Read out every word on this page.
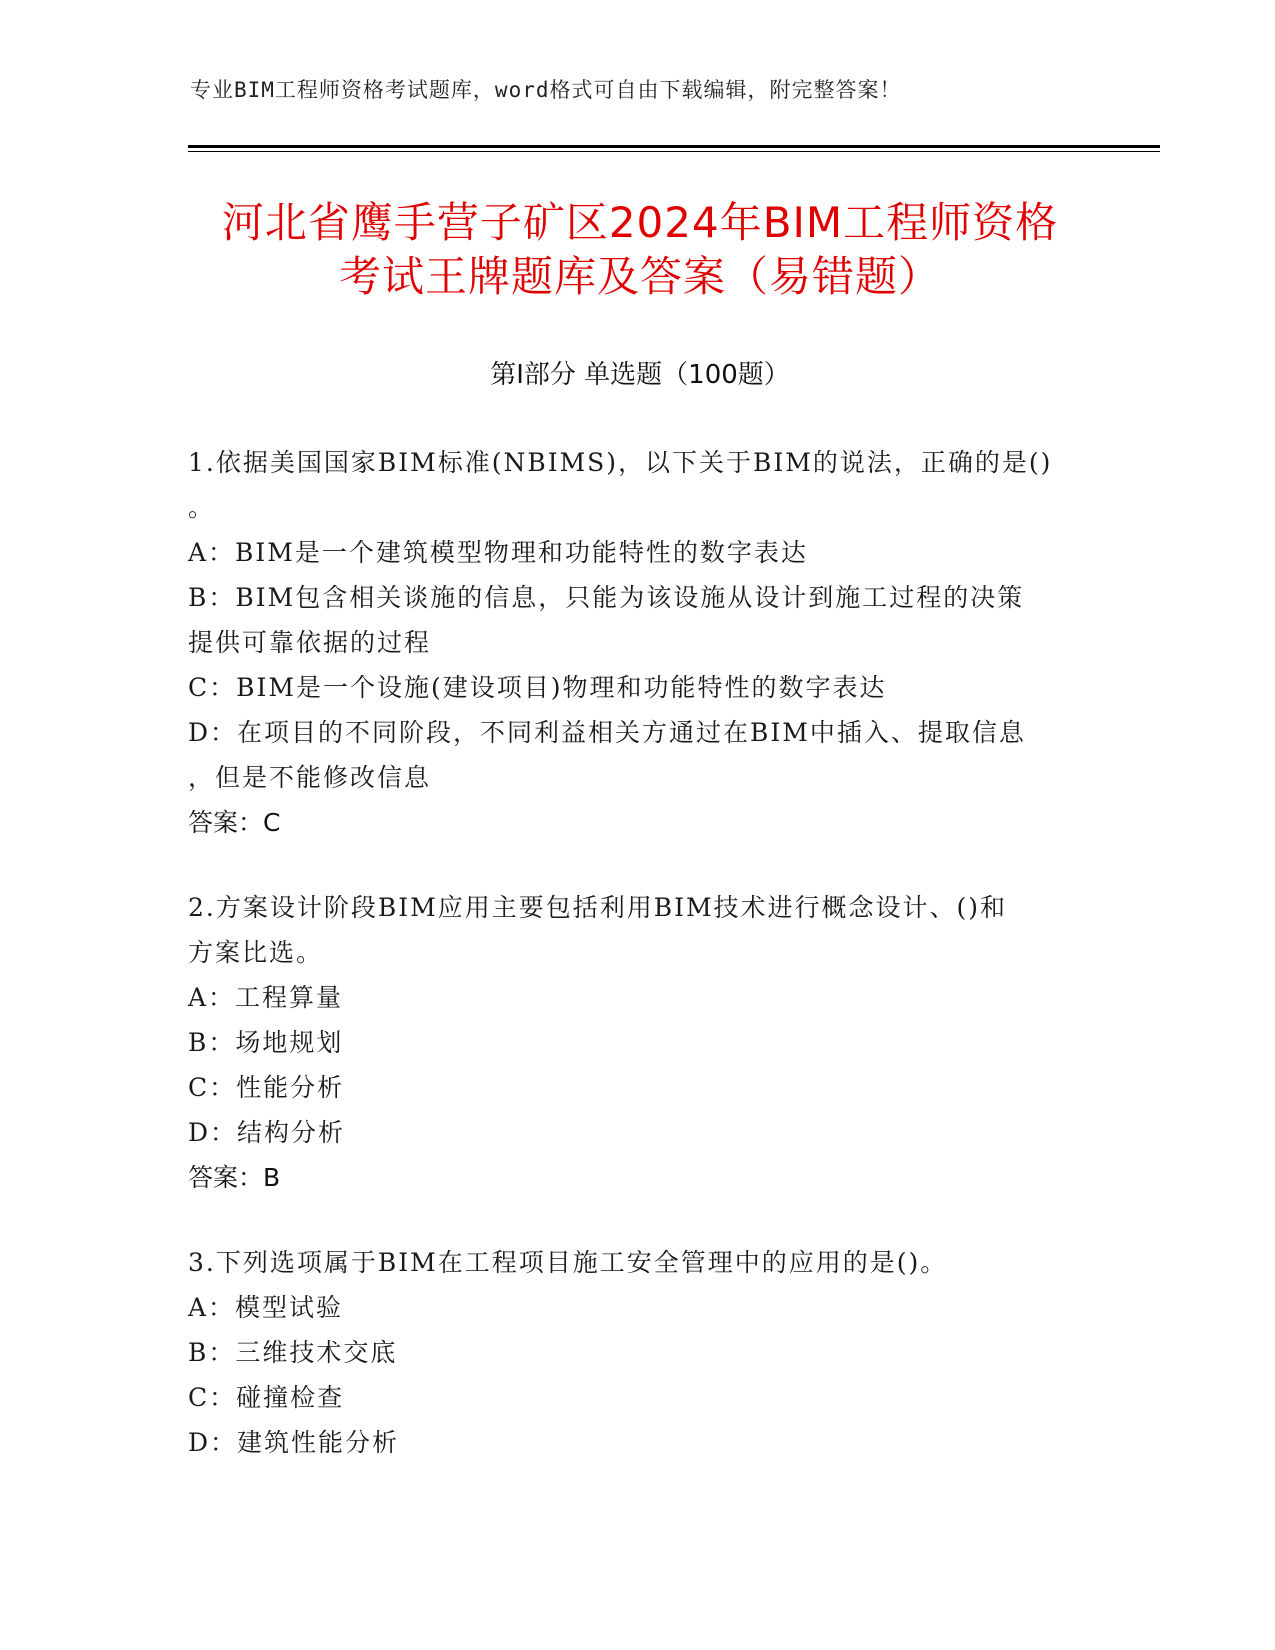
专业BIM工程师资格考试题库，word格式可自由下载编辑，附完整答案！
河北省鹰手营子矿区2024年BIM工程师资格
考试王牌题库及答案（易错题）
第Ⅰ部分 单选题（100题）
1.依据美国国家BIM标准(NBIMS)，以下关于BIM的说法，正确的是()
。
A：BIM是一个建筑模型物理和功能特性的数字表达
B：BIM包含相关谈施的信息，只能为该设施从设计到施工过程的决策
提供可靠依据的过程
C：BIM是一个设施(建设项目)物理和功能特性的数字表达
D：在项目的不同阶段，不同利益相关方通过在BIM中插入、提取信息
，但是不能修改信息
答案：C
2.方案设计阶段BIM应用主要包括利用BIM技术进行概念设计、()和
方案比选。
A：工程算量
B：场地规划
C：性能分析
D：结构分析
答案：B
3.下列选项属于BIM在工程项目施工安全管理中的应用的是()。
A：模型试验
B：三维技术交底
C：碰撞检查
D：建筑性能分析
